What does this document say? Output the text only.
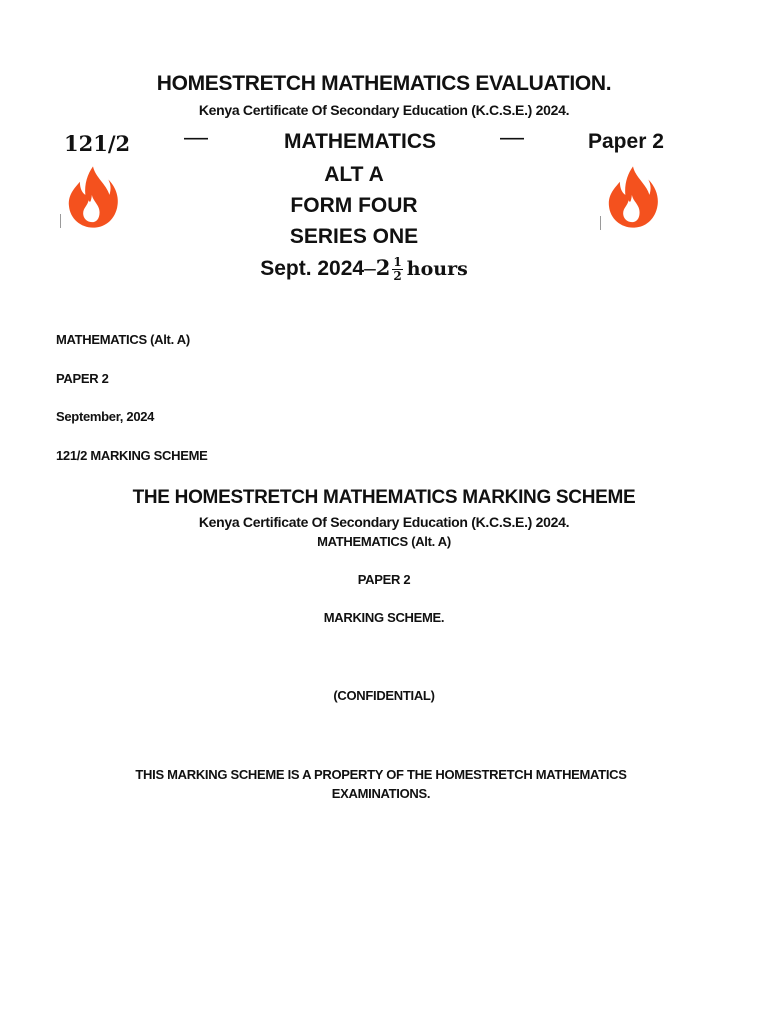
HOMESTRETCH MATHEMATICS EVALUATION.
Kenya Certificate Of Secondary Education (K.C.S.E.) 2024.
121/2 —	MATHEMATICS	—	Paper 2
ALT A
FORM FOUR
SERIES ONE
Sept. $2024-2 \frac{1}{2}$ hours
MATHEMATICS (Alt. A)
PAPER 2
September, 2024
121/2 MARKING SCHEME
THE HOMESTRETCH MATHEMATICS MARKING SCHEME
Kenya Certificate Of Secondary Education (K.C.S.E.) 2024.
MATHEMATICS (Alt. A)
PAPER 2
MARKING SCHEME.
(CONFIDENTIAL)
THIS MARKING SCHEME IS A PROPERTY OF THE HOMESTRETCH MATHEMATICS EXAMINATIONS.
